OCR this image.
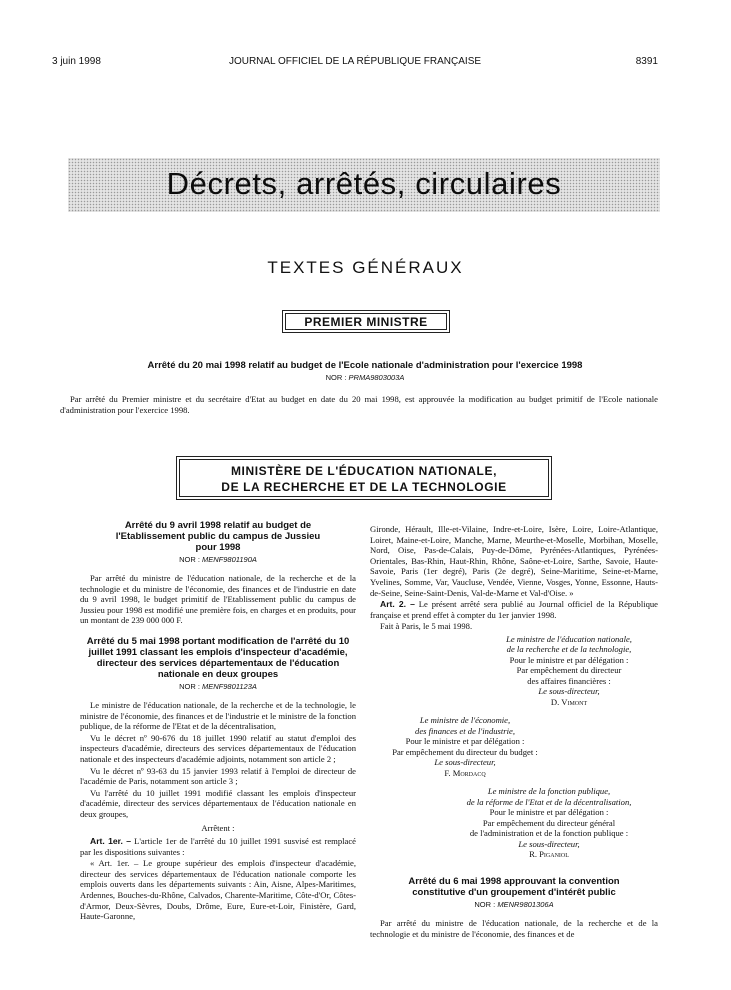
3 juin 1998	JOURNAL OFFICIEL DE LA RÉPUBLIQUE FRANÇAISE	8391
Décrets, arrêtés, circulaires
TEXTES GÉNÉRAUX
PREMIER MINISTRE
Arrêté du 20 mai 1998 relatif au budget de l'Ecole nationale d'administration pour l'exercice 1998
NOR : PRMA9803003A

Par arrêté du Premier ministre et du secrétaire d'Etat au budget en date du 20 mai 1998, est approuvée la modification au budget primitif de l'Ecole nationale d'administration pour l'exercice 1998.

MINISTÈRE DE L'ÉDUCATION NATIONALE,
DE LA RECHERCHE ET DE LA TECHNOLOGIE
Arrêté du 9 avril 1998 relatif au budget de l'Etablissement public du campus de Jussieu pour 1998
NOR : MENF9801190A

Par arrêté du ministre de l'éducation nationale, de la recherche et de la technologie et du ministre de l'économie, des finances et de l'industrie en date du 9 avril 1998, le budget primitif de l'Etablissement public du campus de Jussieu pour 1998 est modifié une première fois, en charges et en produits, pour un montant de 239 000 000 F.

Arrêté du 5 mai 1998 portant modification de l'arrêté du 10 juillet 1991 classant les emplois d'inspecteur d'académie, directeur des services départementaux de l'éducation nationale en deux groupes
NOR : MENF9801123A

Le ministre de l'éducation nationale, de la recherche et de la technologie, le ministre de l'économie, des finances et de l'industrie et le ministre de la fonction publique, de la réforme de l'Etat et de la décentralisation,

Vu le décret nº 90-676 du 18 juillet 1990 relatif au statut d'emploi des inspecteurs d'académie, directeurs des services départementaux de l'éducation nationale et des inspecteurs d'académie adjoints, notamment son article 2 ;

Vu le décret nº 93-63 du 15 janvier 1993 relatif à l'emploi de directeur de l'académie de Paris, notamment son article 3 ;

Vu l'arrêté du 10 juillet 1991 modifié classant les emplois d'inspecteur d'académie, directeur des services départementaux de l'éducation nationale en deux groupes,

Arrêtent :

Art. 1er. – L'article 1er de l'arrêté du 10 juillet 1991 susvisé est remplacé par les dispositions suivantes :

« Art. 1er. – Le groupe supérieur des emplois d'inspecteur d'académie, directeur des services départementaux de l'éducation nationale comporte les emplois ouverts dans les départements suivants : Ain, Aisne, Alpes-Maritimes, Ardennes, Bouches-du-Rhône, Calvados, Charente-Maritime, Côte-d'Or, Côtes-d'Armor, Deux-Sèvres, Doubs, Drôme, Eure, Eure-et-Loir, Finistère, Gard, Haute-Garonne,

Gironde, Hérault, Ille-et-Vilaine, Indre-et-Loire, Isère, Loire, Loire-Atlantique, Loiret, Maine-et-Loire, Manche, Marne, Meurthe-et-Moselle, Morbihan, Moselle, Nord, Oise, Pas-de-Calais, Puy-de-Dôme, Pyrénées-Atlantiques, Pyrénées-Orientales, Bas-Rhin, Haut-Rhin, Rhône, Saône-et-Loire, Sarthe, Savoie, Haute-Savoie, Paris (1er degré), Paris (2e degré), Seine-Maritime, Seine-et-Marne, Yvelines, Somme, Var, Vaucluse, Vendée, Vienne, Vosges, Yonne, Essonne, Hauts-de-Seine, Seine-Saint-Denis, Val-de-Marne et Val-d'Oise. »

Art. 2. – Le présent arrêté sera publié au Journal officiel de la République française et prend effet à compter du 1er janvier 1998.

Fait à Paris, le 5 mai 1998.

Le ministre de l'éducation nationale,
de la recherche et de la technologie,
Pour le ministre et par délégation :
Par empêchement du directeur
des affaires financières :
Le sous-directeur,
D. Vimont
Le ministre de l'économie,
des finances et de l'industrie,
Pour le ministre et par délégation :
Par empêchement du directeur du budget :
Le sous-directeur,
F. Mordacq
Le ministre de la fonction publique,
de la réforme de l'Etat et de la décentralisation,
Pour le ministre et par délégation :
Par empêchement du directeur général
de l'administration et de la fonction publique :
Le sous-directeur,
R. Piganiol
Arrêté du 6 mai 1998 approuvant la convention constitutive d'un groupement d'intérêt public
NOR : MENR9801306A

Par arrêté du ministre de l'éducation nationale, de la recherche et de la technologie et du ministre de l'économie, des finances et de
